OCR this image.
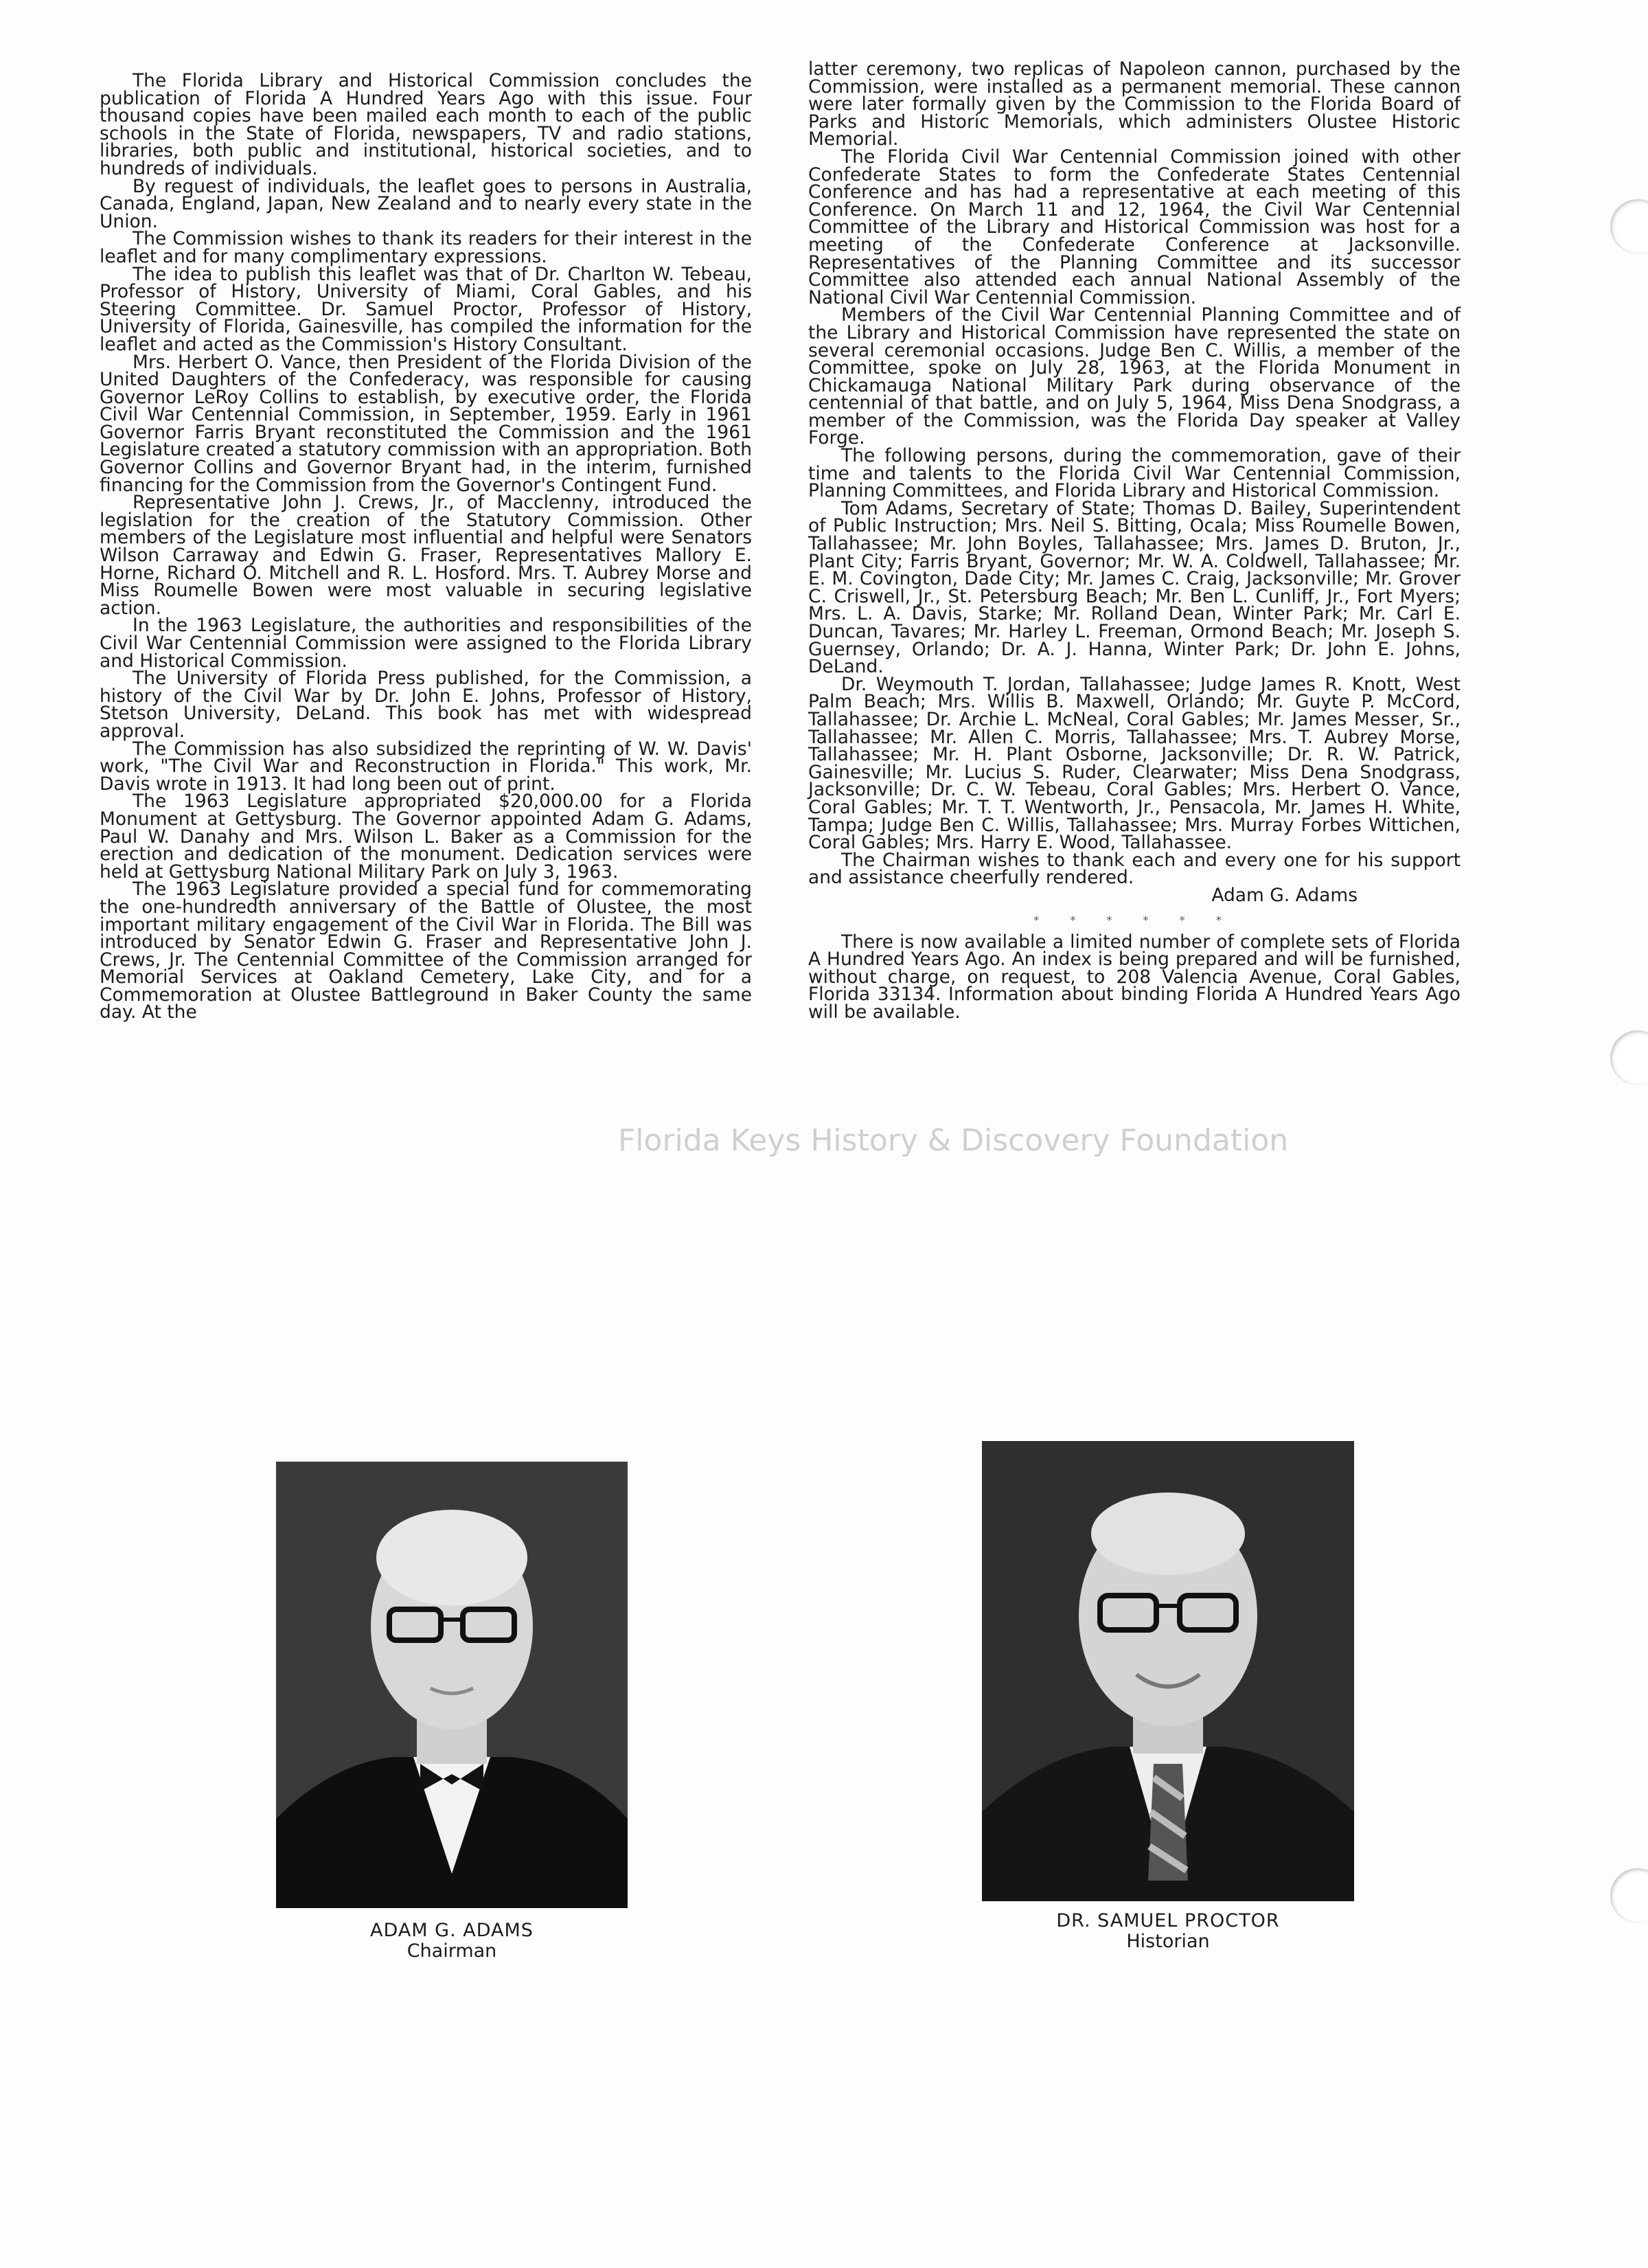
The Florida Library and Historical Commission concludes the publication of Florida A Hundred Years Ago with this issue. Four thousand copies have been mailed each month to each of the public schools in the State of Florida, newspapers, TV and radio stations, libraries, both public and institutional, historical societies, and to hundreds of individuals.

By request of individuals, the leaflet goes to persons in Australia, Canada, England, Japan, New Zealand and to nearly every state in the Union.

The Commission wishes to thank its readers for their interest in the leaflet and for many complimentary expressions.

The idea to publish this leaflet was that of Dr. Charlton W. Tebeau, Professor of History, University of Miami, Coral Gables, and his Steering Committee. Dr. Samuel Proctor, Professor of History, University of Florida, Gainesville, has compiled the information for the leaflet and acted as the Commission's History Consultant.

Mrs. Herbert O. Vance, then President of the Florida Division of the United Daughters of the Confederacy, was responsible for causing Governor LeRoy Collins to establish, by executive order, the Florida Civil War Centennial Commission, in September, 1959. Early in 1961 Governor Farris Bryant reconstituted the Commission and the 1961 Legislature created a statutory commission with an appropriation. Both Governor Collins and Governor Bryant had, in the interim, furnished financing for the Commission from the Governor's Contingent Fund.

Representative John J. Crews, Jr., of Macclenny, introduced the legislation for the creation of the Statutory Commission. Other members of the Legislature most influential and helpful were Senators Wilson Carraway and Edwin G. Fraser, Representatives Mallory E. Horne, Richard O. Mitchell and R. L. Hosford. Mrs. T. Aubrey Morse and Miss Roumelle Bowen were most valuable in securing legislative action.

In the 1963 Legislature, the authorities and responsibilities of the Civil War Centennial Commission were assigned to the Florida Library and Historical Commission.

The University of Florida Press published, for the Commission, a history of the Civil War by Dr. John E. Johns, Professor of History, Stetson University, DeLand. This book has met with widespread approval.

The Commission has also subsidized the reprinting of W. W. Davis' work, "The Civil War and Reconstruction in Florida." This work, Mr. Davis wrote in 1913. It had long been out of print.

The 1963 Legislature appropriated $20,000.00 for a Florida Monument at Gettysburg. The Governor appointed Adam G. Adams, Paul W. Danahy and Mrs. Wilson L. Baker as a Commission for the erection and dedication of the monument. Dedication services were held at Gettysburg National Military Park on July 3, 1963.

The 1963 Legislature provided a special fund for commemorating the one-hundredth anniversary of the Battle of Olustee, the most important military engagement of the Civil War in Florida. The Bill was introduced by Senator Edwin G. Fraser and Representative John J. Crews, Jr. The Centennial Committee of the Commission arranged for Memorial Services at Oakland Cemetery, Lake City, and for a Commemoration at Olustee Battleground in Baker County the same day. At the

latter ceremony, two replicas of Napoleon cannon, purchased by the Commission, were installed as a permanent memorial. These cannon were later formally given by the Commission to the Florida Board of Parks and Historic Memorials, which administers Olustee Historic Memorial.

The Florida Civil War Centennial Commission joined with other Confederate States to form the Confederate States Centennial Conference and has had a representative at each meeting of this Conference. On March 11 and 12, 1964, the Civil War Centennial Committee of the Library and Historical Commission was host for a meeting of the Confederate Conference at Jacksonville. Representatives of the Planning Committee and its successor Committee also attended each annual National Assembly of the National Civil War Centennial Commission.

Members of the Civil War Centennial Planning Committee and of the Library and Historical Commission have represented the state on several ceremonial occasions. Judge Ben C. Willis, a member of the Committee, spoke on July 28, 1963, at the Florida Monument in Chickamauga National Military Park during observance of the centennial of that battle, and on July 5, 1964, Miss Dena Snodgrass, a member of the Commission, was the Florida Day speaker at Valley Forge.

The following persons, during the commemoration, gave of their time and talents to the Florida Civil War Centennial Commission, Planning Committees, and Florida Library and Historical Commission.

Tom Adams, Secretary of State; Thomas D. Bailey, Superintendent of Public Instruction; Mrs. Neil S. Bitting, Ocala; Miss Roumelle Bowen, Tallahassee; Mr. John Boyles, Tallahassee; Mrs. James D. Bruton, Jr., Plant City; Farris Bryant, Governor; Mr. W. A. Coldwell, Tallahassee; Mr. E. M. Covington, Dade City; Mr. James C. Craig, Jacksonville; Mr. Grover C. Criswell, Jr., St. Petersburg Beach; Mr. Ben L. Cunliff, Jr., Fort Myers; Mrs. L. A. Davis, Starke; Mr. Rolland Dean, Winter Park; Mr. Carl E. Duncan, Tavares; Mr. Harley L. Freeman, Ormond Beach; Mr. Joseph S. Guernsey, Orlando; Dr. A. J. Hanna, Winter Park; Dr. John E. Johns, DeLand.

Dr. Weymouth T. Jordan, Tallahassee; Judge James R. Knott, West Palm Beach; Mrs. Willis B. Maxwell, Orlando; Mr. Guyte P. McCord, Tallahassee; Dr. Archie L. McNeal, Coral Gables; Mr. James Messer, Sr., Tallahassee; Mr. Allen C. Morris, Tallahassee; Mrs. T. Aubrey Morse, Tallahassee; Mr. H. Plant Osborne, Jacksonville; Dr. R. W. Patrick, Gainesville; Mr. Lucius S. Ruder, Clearwater; Miss Dena Snodgrass, Jacksonville; Dr. C. W. Tebeau, Coral Gables; Mrs. Herbert O. Vance, Coral Gables; Mr. T. T. Wentworth, Jr., Pensacola, Mr. James H. White, Tampa; Judge Ben C. Willis, Tallahassee; Mrs. Murray Forbes Wittichen, Coral Gables; Mrs. Harry E. Wood, Tallahassee.

The Chairman wishes to thank each and every one for his support and assistance cheerfully rendered.

Adam G. Adams

* * * * * *

There is now available a limited number of complete sets of Florida A Hundred Years Ago. An index is being prepared and will be furnished, without charge, on request, to 208 Valencia Avenue, Coral Gables, Florida 33134. Information about binding Florida A Hundred Years Ago will be available.

Florida Keys History & Discovery Foundation
ADAM G. ADAMS
Chairman
DR. SAMUEL PROCTOR
Historian
